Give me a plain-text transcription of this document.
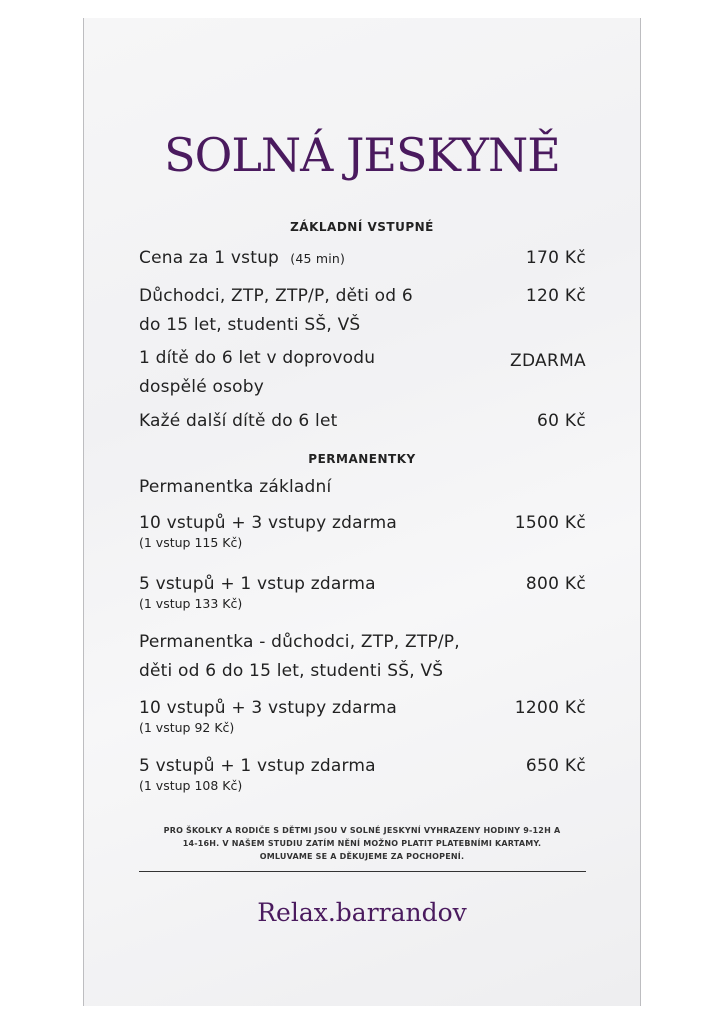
SOLNÁ JESKYNĚ
ZÁKLADNÍ VSTUPNÉ
Cena za 1 vstup (45 min)	170 Kč
Důchodci, ZTP, ZTP/P, děti od 6
do 15 let, studenti SŠ, VŠ
120 Kč
1 dítě do 6 let v doprovodu
dospělé osoby
ZDARMA
Kažé další dítě do 6 let	60 Kč
PERMANENTKY
Permanentka základní
10 vstupů + 3 vstupy zdarma
(1 vstup 115 Kč)
1500 Kč
5 vstupů + 1 vstup zdarma
(1 vstup 133 Kč)
800 Kč
Permanentka - důchodci, ZTP, ZTP/P,
děti od 6 do 15 let, studenti SŠ, VŠ
10 vstupů + 3 vstupy zdarma
(1 vstup 92 Kč)
1200 Kč
5 vstupů + 1 vstup zdarma
(1 vstup 108 Kč)
650 Kč
PRO ŠKOLKY A RODIČE S DĚTMI JSOU V SOLNÉ JESKYNÍ VYHRAZENY HODINY 9-12H A
14-16H. V NAŠEM STUDIU ZATÍM NĚNÍ MOŽNO PLATIT PLATEBNÍMI KARTAMY.
OMLUVAME SE A DĚKUJEME ZA POCHOPENÍ.
Relax.barrandov
